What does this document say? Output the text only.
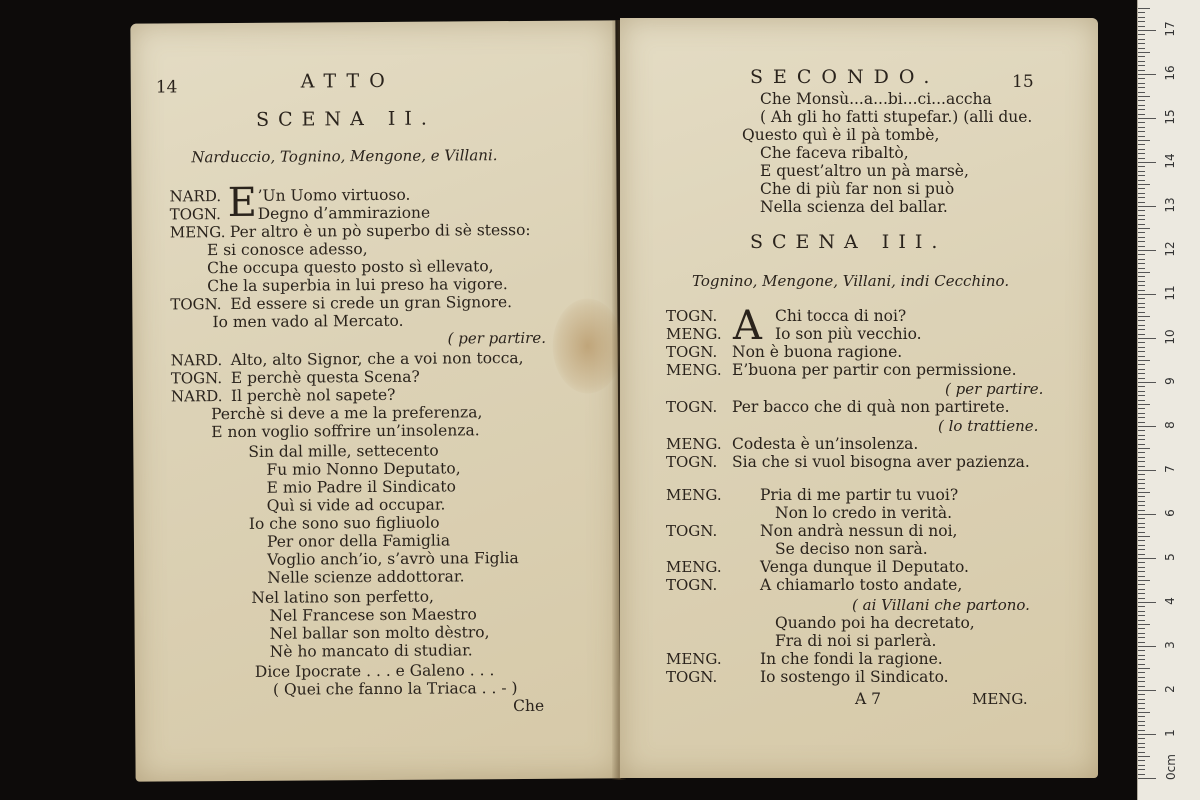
14	ATTO
SCENA II.
Narduccio, Tognino, Mengone, e Villani.
E
NARD. ’Un Uomo virtuoso.
TOGN. Degno d’ammirazione
MENG. Per altro è un pò superbo di sè stesso:
E si conosce adesso,
Che occupa questo posto sì ellevato,
Che la superbia in lui preso ha vigore.
TOGN. Ed essere si crede un gran Signore.
Io men vado al Mercato.
( per partire.
NARD. Alto, alto Signor, che a voi non tocca,
TOGN. E perchè questa Scena?
NARD. Il perchè nol sapete?
Perchè si deve a me la preferenza,
E non voglio soffrire un’insolenza.
Sin dal mille, settecento
Fu mio Nonno Deputato,
E mio Padre il Sindicato
Quì si vide ad occupar.
Io che sono suo figliuolo
Per onor della Famiglia
Voglio anch’io, s’avrò una Figlia
Nelle scienze addottorar.
Nel latino son perfetto,
Nel Francese son Maestro
Nel ballar son molto dèstro,
Nè ho mancato di studiar.
Dice Ipocrate . . . e Galeno . . .
( Quei che fanno la Triaca . . - )
Che
SECONDO.	15
Che Monsù...a...bi...ci...accha
( Ah gli ho fatti stupefar.) (alli due.
Questo quì è il pà tombè,
Che faceva ribaltò,
E quest’altro un pà marsè,
Che di più far non si può
Nella scienza del ballar.
SCENA III.
Tognino, Mengone, Villani, indi Cecchino.
A
TOGN.	Chi tocca di noi?
MENG.	Io son più vecchio.
TOGN. Non è buona ragione.
MENG. E’buona per partir con permissione.
( per partire.
TOGN. Per bacco che di quà non partirete.
( lo trattiene.
MENG. Codesta è un’insolenza.
TOGN. Sia che si vuol bisogna aver pazienza.
MENG. Pria di me partir tu vuoi?
Non lo credo in verità.
TOGN.	Non andrà nessun di noi,
Se deciso non sarà.
MENG. Venga dunque il Deputato.
TOGN.	A chiamarlo tosto andate,
( ai Villani che partono.
Quando poi ha decretato,
Fra di noi si parlerà.
MENG. In che fondi la ragione.
TOGN.	Io sostengo il Sindicato.
A 7	MENG.
0cm
1
2
3
4
5
6
7
8
9
10
11
12
13
14
15
16
17
